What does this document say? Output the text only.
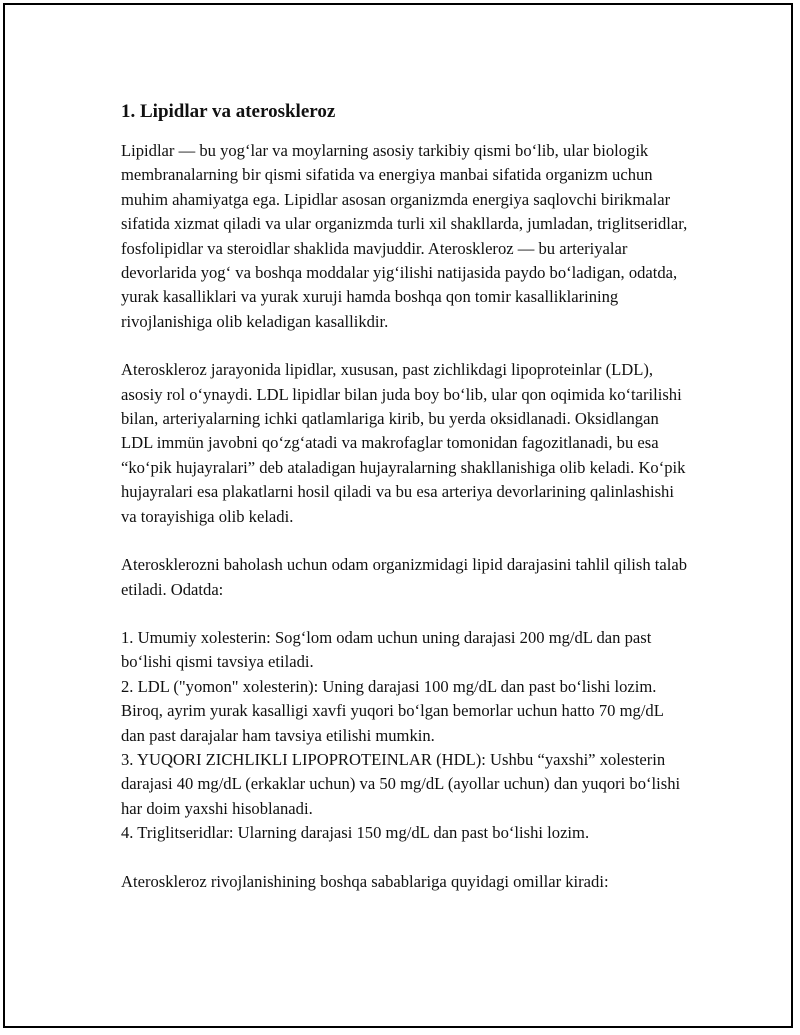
1. Lipidlar va ateroskleroz

Lipidlar — bu yog‘lar va moylarning asosiy tarkibiy qismi bo‘lib, ular biologik membranalarning bir qismi sifatida va energiya manbai sifatida organizm uchun muhim ahamiyatga ega. Lipidlar asosan organizmda energiya saqlovchi birikmalar sifatida xizmat qiladi va ular organizmda turli xil shakllarda, jumladan, triglitseridlar, fosfolipidlar va steroidlar shaklida mavjuddir. Ateroskleroz — bu arteriyalar devorlarida yog‘ va boshqa moddalar yig‘ilishi natijasida paydo bo‘ladigan, odatda, yurak kasalliklari va yurak xuruji hamda boshqa qon tomir kasalliklarining rivojlanishiga olib keladigan kasallikdir.

Ateroskleroz jarayonida lipidlar, xususan, past zichlikdagi lipoproteinlar (LDL), asosiy rol o‘ynaydi. LDL lipidlar bilan juda boy bo‘lib, ular qon oqimida ko‘tarilishi bilan, arteriyalarning ichki qatlamlariga kirib, bu yerda oksidlanadi. Oksidlangan LDL immün javobni qo‘zg‘atadi va makrofaglar tomonidan fagozitlanadi, bu esa “ko‘pik hujayralari” deb ataladigan hujayralarning shakllanishiga olib keladi. Ko‘pik hujayralari esa plakatlarni hosil qiladi va bu esa arteriya devorlarining qalinlashishi va torayishiga olib keladi.

Aterosklerozni baholash uchun odam organizmidagi lipid darajasini tahlil qilish talab etiladi. Odatda:

1. Umumiy xolesterin: Sog‘lom odam uchun uning darajasi 200 mg/dL dan past bo‘lishi qismi tavsiya etiladi.

2. LDL ("yomon" xolesterin): Uning darajasi 100 mg/dL dan past bo‘lishi lozim. Biroq, ayrim yurak kasalligi xavfi yuqori bo‘lgan bemorlar uchun hatto 70 mg/dL dan past darajalar ham tavsiya etilishi mumkin.

3. YUQORI ZICHLIKLI LIPOPROTEINLAR (HDL): Ushbu “yaxshi” xolesterin darajasi 40 mg/dL (erkaklar uchun) va 50 mg/dL (ayollar uchun) dan yuqori bo‘lishi har doim yaxshi hisoblanadi.

4. Triglitseridlar: Ularning darajasi 150 mg/dL dan past bo‘lishi lozim.

Ateroskleroz rivojlanishining boshqa sabablariga quyidagi omillar kiradi:
